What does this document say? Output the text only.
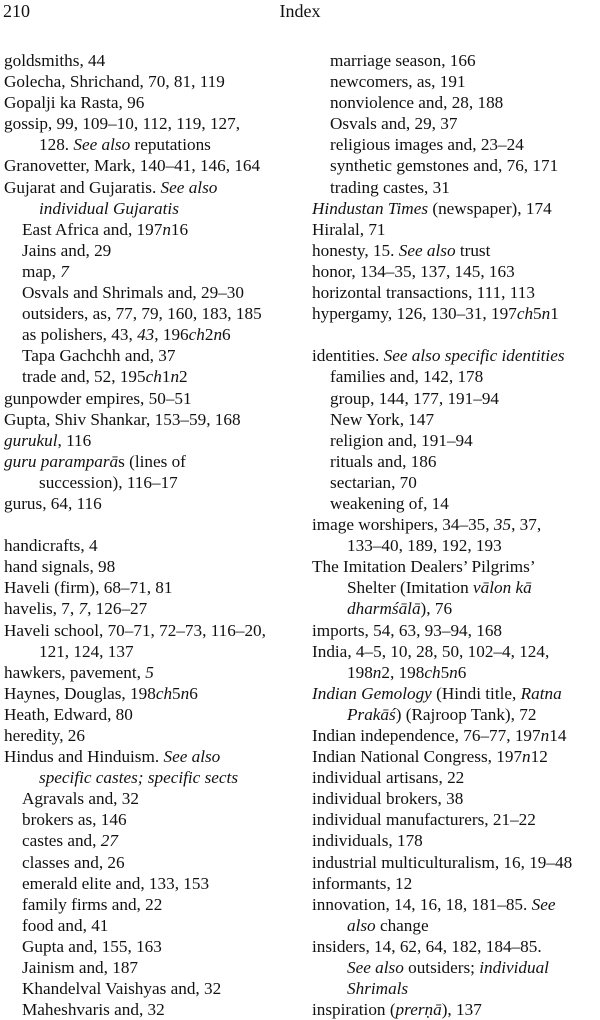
210	Index
goldsmiths, 44
Golecha, Shrichand, 70, 81, 119
Gopalji ka Rasta, 96
gossip, 99, 109–10, 112, 119, 127,
128. See also reputations
Granovetter, Mark, 140–41, 146, 164
Gujarat and Gujaratis. See also
individual Gujaratis
East Africa and, 197n16
Jains and, 29
map, 7
Osvals and Shrimals and, 29–30
outsiders, as, 77, 79, 160, 183, 185
as polishers, 43, 43, 196ch2n6
Tapa Gachchh and, 37
trade and, 52, 195ch1n2
gunpowder empires, 50–51
Gupta, Shiv Shankar, 153–59, 168
gurukul, 116
guru paramparās (lines of
succession), 116–17
gurus, 64, 116
handicrafts, 4
hand signals, 98
Haveli (firm), 68–71, 81
havelis, 7, 7, 126–27
Haveli school, 70–71, 72–73, 116–20,
121, 124, 137
hawkers, pavement, 5
Haynes, Douglas, 198ch5n6
Heath, Edward, 80
heredity, 26
Hindus and Hinduism. See also
specific castes; specific sects
Agravals and, 32
brokers as, 146
castes and, 27
classes and, 26
emerald elite and, 133, 153
family firms and, 22
food and, 41
Gupta and, 155, 163
Jainism and, 187
Khandelval Vaishyas and, 32
Maheshvaris and, 32
marriage season, 166
newcomers, as, 191
nonviolence and, 28, 188
Osvals and, 29, 37
religious images and, 23–24
synthetic gemstones and, 76, 171
trading castes, 31
Hindustan Times (newspaper), 174
Hiralal, 71
honesty, 15. See also trust
honor, 134–35, 137, 145, 163
horizontal transactions, 111, 113
hypergamy, 126, 130–31, 197ch5n1
identities. See also specific identities
families and, 142, 178
group, 144, 177, 191–94
New York, 147
religion and, 191–94
rituals and, 186
sectarian, 70
weakening of, 14
image worshipers, 34–35, 35, 37,
133–40, 189, 192, 193
The Imitation Dealers’ Pilgrims’
Shelter (Imitation vālon kā
dharmśālā), 76
imports, 54, 63, 93–94, 168
India, 4–5, 10, 28, 50, 102–4, 124,
198n2, 198ch5n6
Indian Gemology (Hindi title, Ratna
Prakāś) (Rajroop Tank), 72
Indian independence, 76–77, 197n14
Indian National Congress, 197n12
individual artisans, 22
individual brokers, 38
individual manufacturers, 21–22
individuals, 178
industrial multiculturalism, 16, 19–48
informants, 12
innovation, 14, 16, 18, 181–85. See
also change
insiders, 14, 62, 64, 182, 184–85.
See also outsiders; individual
Shrimals
inspiration (prerṇā), 137
